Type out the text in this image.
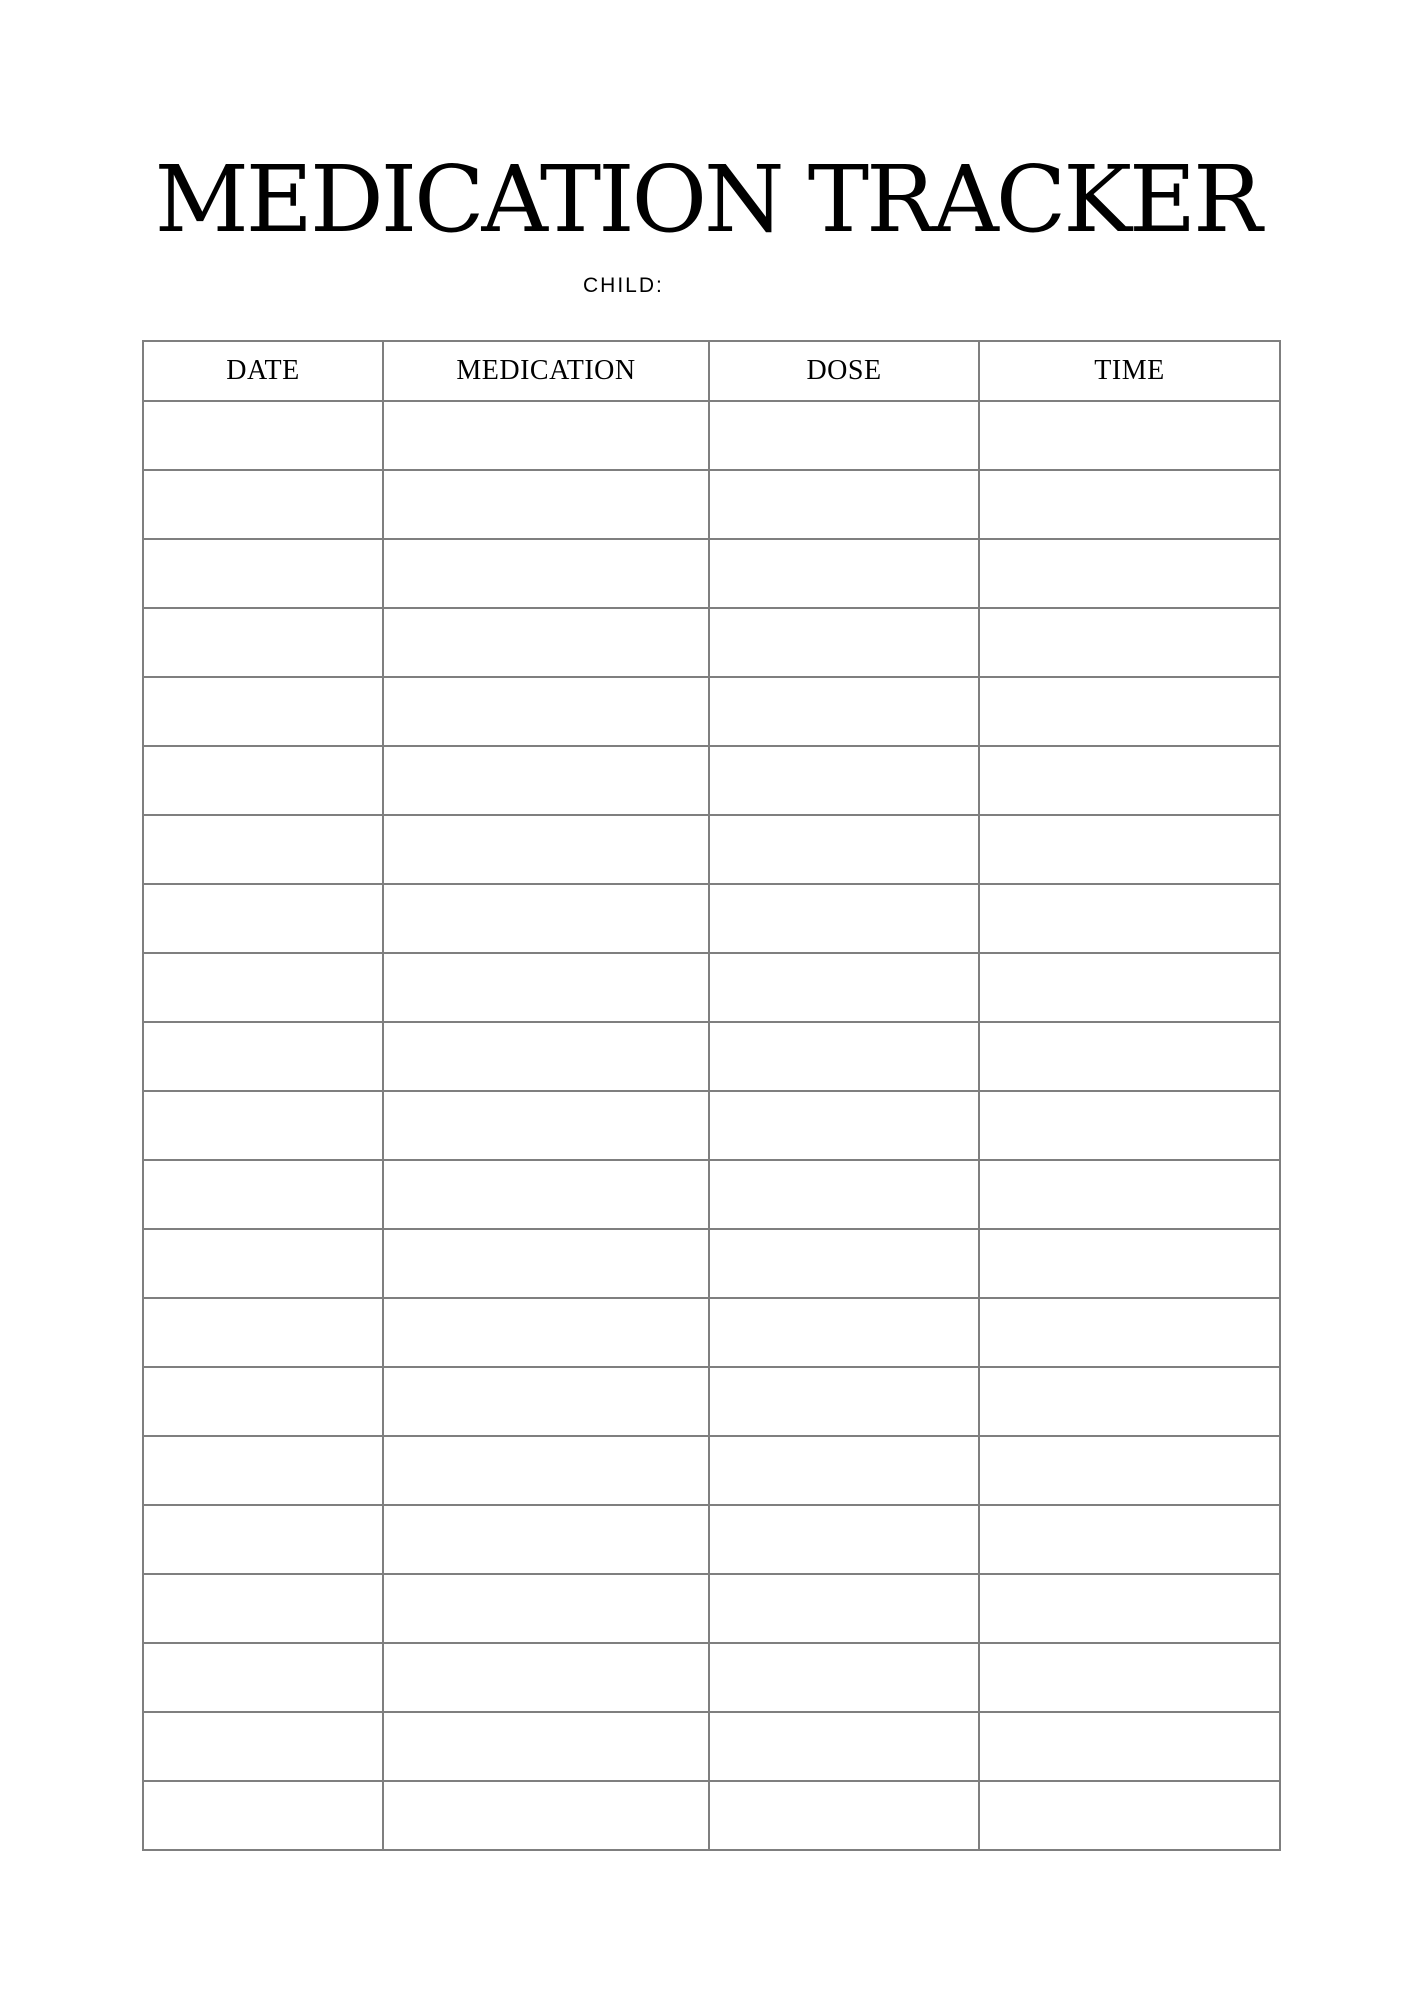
MEDICATION TRACKER
CHILD:
DATE	MEDICATION	DOSE	TIME
